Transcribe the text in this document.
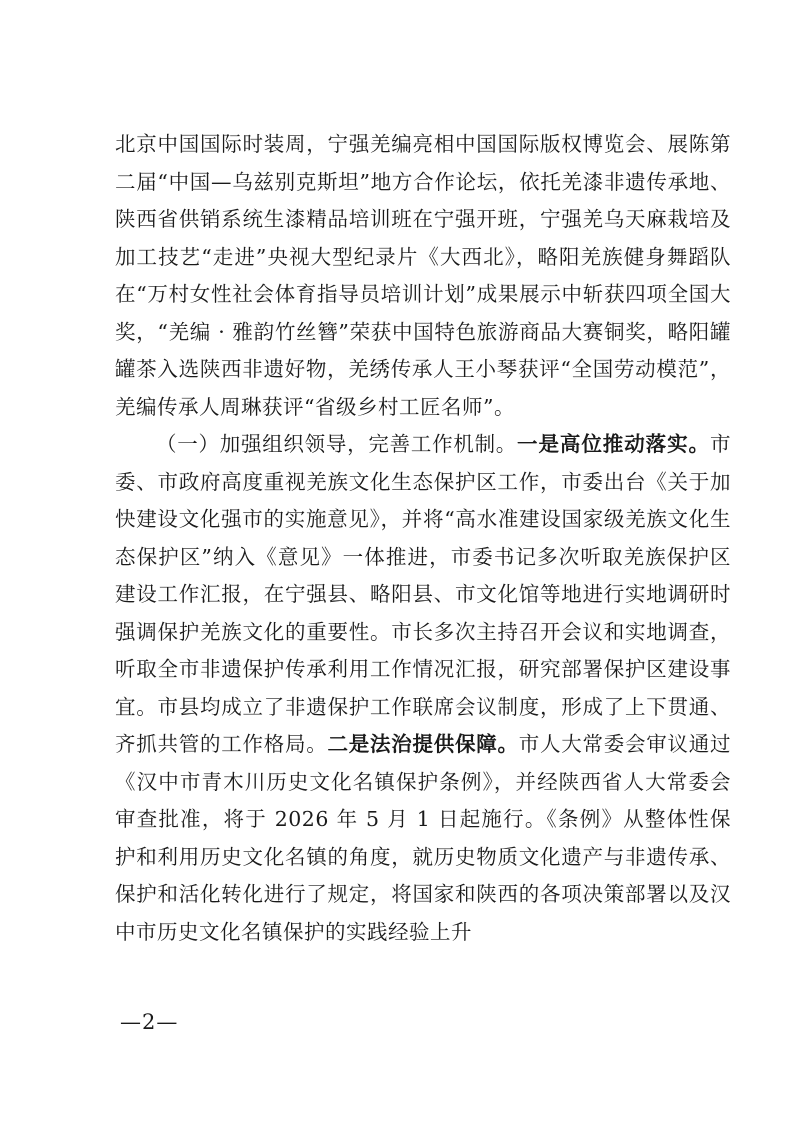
北京中国国际时装周，宁强羌编亮相中国国际版权博览会、展陈第二届“中国—乌兹别克斯坦”地方合作论坛，依托羌漆非遗传承地、陕西省供销系统生漆精品培训班在宁强开班，宁强羌乌天麻栽培及加工技艺“走进”央视大型纪录片《大西北》，略阳羌族健身舞蹈队在“万村女性社会体育指导员培训计划”成果展示中斩获四项全国大奖，“羌编 · 雅韵竹丝簪”荣获中国特色旅游商品大赛铜奖，略阳罐罐茶入选陕西非遗好物，羌绣传承人王小琴获评“全国劳动模范”，羌编传承人周琳获评“省级乡村工匠名师”。

（一）加强组织领导，完善工作机制。一是高位推动落实。市委、市政府高度重视羌族文化生态保护区工作，市委出台《关于加快建设文化强市的实施意见》，并将“高水准建设国家级羌族文化生态保护区”纳入《意见》一体推进，市委书记多次听取羌族保护区建设工作汇报，在宁强县、略阳县、市文化馆等地进行实地调研时强调保护羌族文化的重要性。市长多次主持召开会议和实地调查，听取全市非遗保护传承利用工作情况汇报，研究部署保护区建设事宜。市县均成立了非遗保护工作联席会议制度，形成了上下贯通、齐抓共管的工作格局。二是法治提供保障。市人大常委会审议通过《汉中市青木川历史文化名镇保护条例》，并经陕西省人大常委会审查批准，将于 2026 年 5 月 1 日起施行。《条例》从整体性保护和利用历史文化名镇的角度，就历史物质文化遗产与非遗传承、保护和活化转化进行了规定，将国家和陕西的各项决策部署以及汉中市历史文化名镇保护的实践经验上升

—2—
